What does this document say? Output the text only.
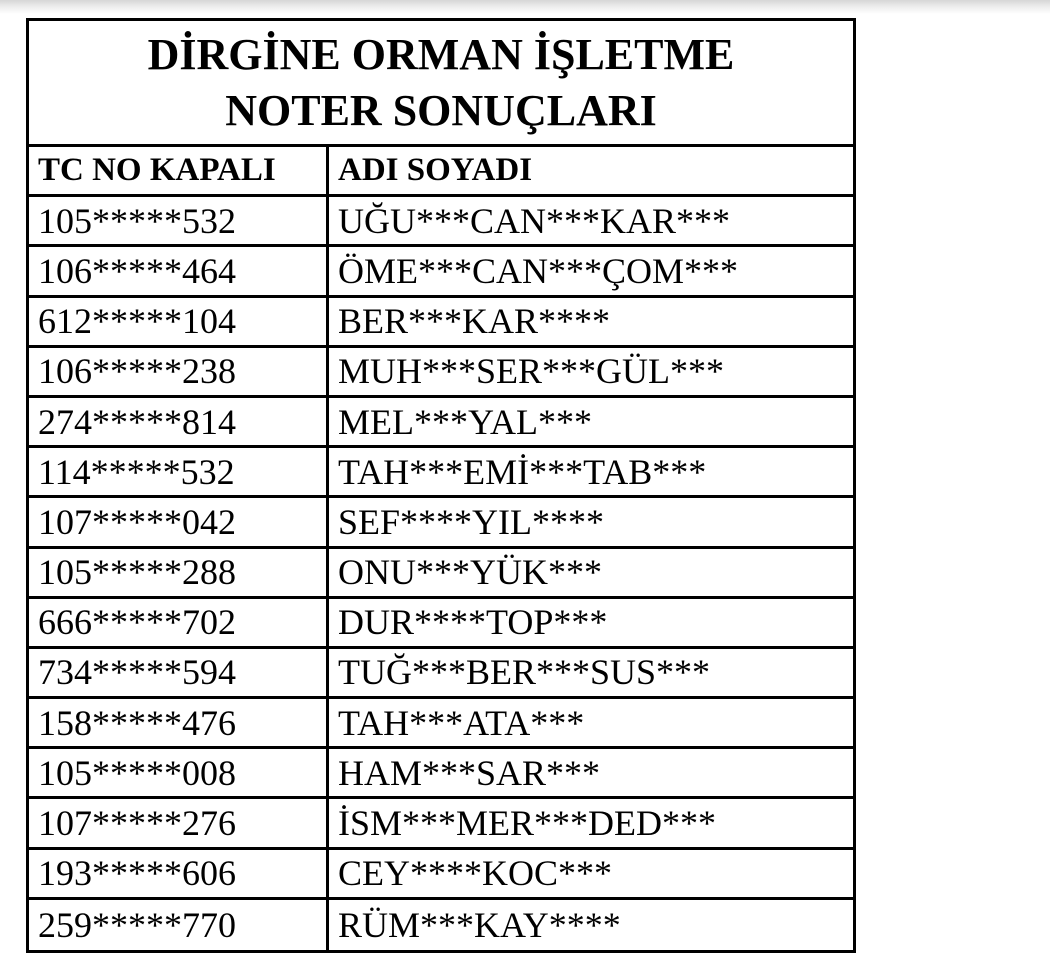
DİRGİNE ORMAN İŞLETME
NOTER SONUÇLARI
TC NO KAPALI	ADI SOYADI
105*****532	UĞU***CAN***KAR***
106*****464	ÖME***CAN***ÇOM***
612*****104	BER***KAR****
106*****238	MUH***SER***GÜL***
274*****814	MEL***YAL***
114*****532	TAH***EMİ***TAB***
107*****042	SEF****YIL****
105*****288	ONU***YÜK***
666*****702	DUR****TOP***
734*****594	TUĞ***BER***SUS***
158*****476	TAH***ATA***
105*****008	HAM***SAR***
107*****276	İSM***MER***DED***
193*****606	CEY****KOC***
259*****770	RÜM***KAY****
